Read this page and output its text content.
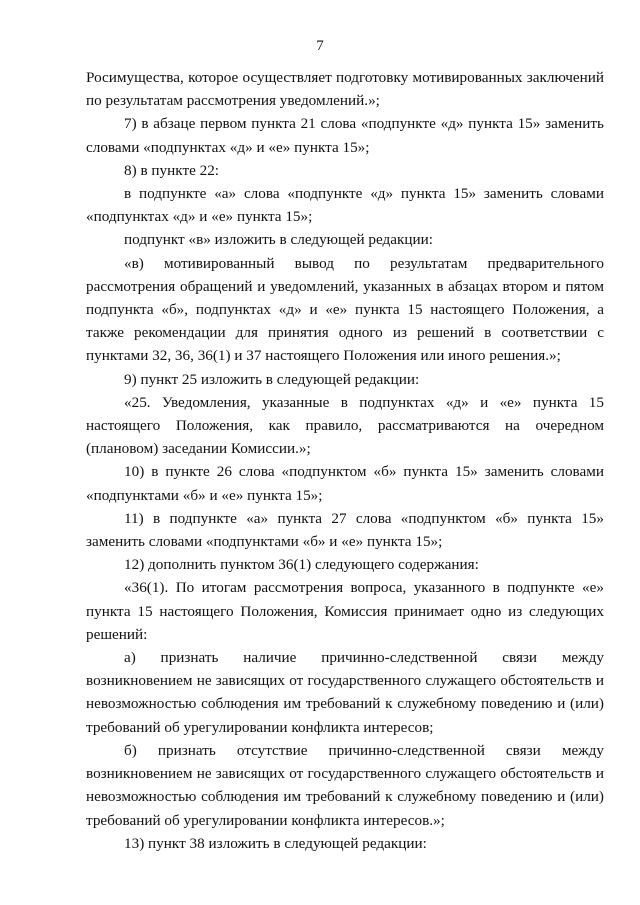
7

Росимущества, которое осуществляет подготовку мотивированных заключений по результатам рассмотрения уведомлений.»;

7) в абзаце первом пункта 21 слова «подпункте «д» пункта 15» заменить словами «подпунктах «д» и «е» пункта 15»;

8) в пункте 22:

в подпункте «а» слова «подпункте «д» пункта 15» заменить словами «подпунктах «д» и «е» пункта 15»;

подпункт «в» изложить в следующей редакции:

«в) мотивированный вывод по результатам предварительного рассмотрения обращений и уведомлений, указанных в абзацах втором и пятом подпункта «б», подпунктах «д» и «е» пункта 15 настоящего Положения, а также рекомендации для принятия одного из решений в соответствии с пунктами 32, 36, 36(1) и 37 настоящего Положения или иного решения.»;

9) пункт 25 изложить в следующей редакции:

«25. Уведомления, указанные в подпунктах «д» и «е» пункта 15 настоящего Положения, как правило, рассматриваются на очередном (плановом) заседании Комиссии.»;

10) в пункте 26 слова «подпунктом «б» пункта 15» заменить словами «подпунктами «б» и «е» пункта 15»;

11) в подпункте «а» пункта 27 слова «подпунктом «б» пункта 15» заменить словами «подпунктами «б» и «е» пункта 15»;

12) дополнить пунктом 36(1) следующего содержания:

«36(1). По итогам рассмотрения вопроса, указанного в подпункте «е» пункта 15 настоящего Положения, Комиссия принимает одно из следующих решений:

а) признать наличие причинно-следственной связи между возникновением не зависящих от государственного служащего обстоятельств и невозможностью соблюдения им требований к служебному поведению и (или) требований об урегулировании конфликта интересов;

б) признать отсутствие причинно-следственной связи между возникновением не зависящих от государственного служащего обстоятельств и невозможностью соблюдения им требований к служебному поведению и (или) требований об урегулировании конфликта интересов.»;

13) пункт 38 изложить в следующей редакции:
